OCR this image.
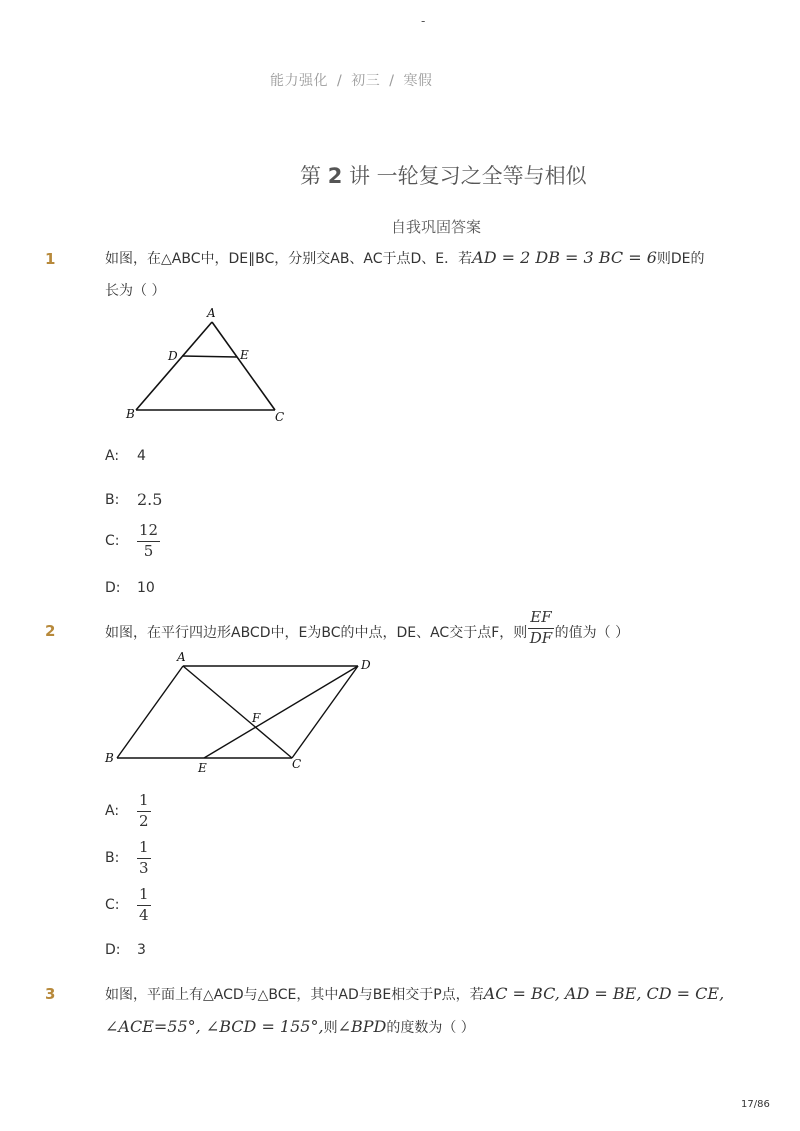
-
能力强化 / 初三 / 寒假
第 2 讲 一轮复习之全等与相似
自我巩固答案
1	如图，在△ABC中，DE∥BC，分别交AB、AC于点D、E．若AD = 2 DB = 3 BC = 6则DE的
长为（ ）
A
D	E
B	C
A:	4
B:	2.5
C:	$\frac{12}{5}$
D:	10
2	如图，在平行四边形ABCD中，E为BC的中点，DE、AC交于点F，则 $\frac{EF}{DF}$ 的值为（ ）
A
D
F
B
E	C
A:	$\frac{1}{2}$
B:	$\frac{1}{3}$
C:	$\frac{1}{4}$
D:	3
3	如图，平面上有△ACD与△BCE，其中AD与BE相交于P点，若AC = BC, AD = BE, CD = CE,
∠ACE=55°, ∠BCD = 155°,则∠BPD的度数为（ ）
17/86
